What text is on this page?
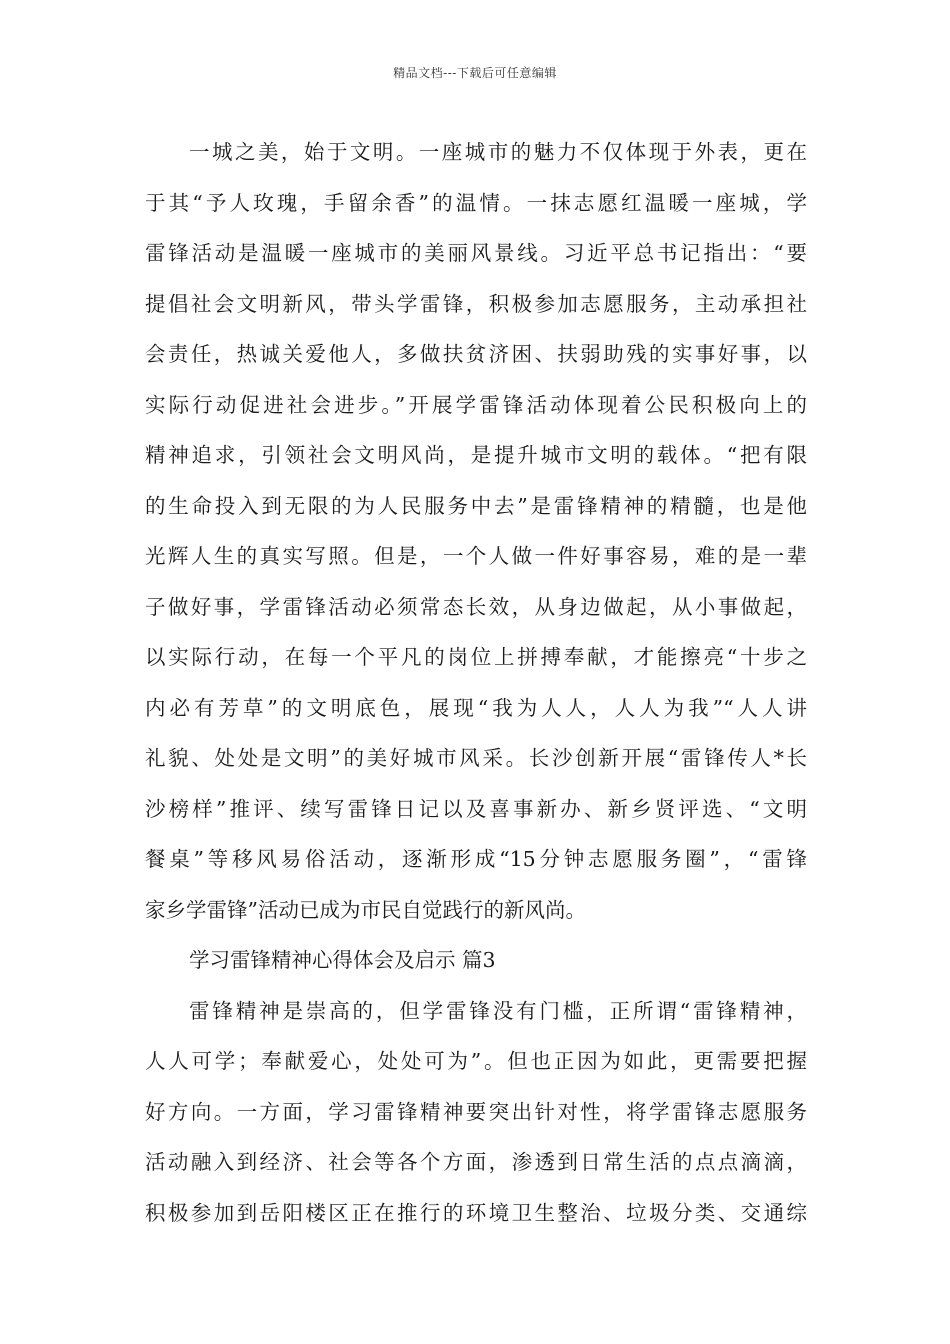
精品文档---下载后可任意编辑
一城之美，始于文明。一座城市的魅力不仅体现于外表，更在
于其“予人玫瑰，手留余香”的温情。一抹志愿红温暖一座城，学
雷锋活动是温暖一座城市的美丽风景线。习近平总书记指出：“要
提倡社会文明新风，带头学雷锋，积极参加志愿服务，主动承担社
会责任，热诚关爱他人，多做扶贫济困、扶弱助残的实事好事，以
实际行动促进社会进步。”开展学雷锋活动体现着公民积极向上的
精神追求，引领社会文明风尚，是提升城市文明的载体。“把有限
的生命投入到无限的为人民服务中去”是雷锋精神的精髓，也是他
光辉人生的真实写照。但是，一个人做一件好事容易，难的是一辈
子做好事，学雷锋活动必须常态长效，从身边做起，从小事做起，
以实际行动，在每一个平凡的岗位上拼搏奉献，才能擦亮“十步之
内必有芳草”的文明底色，展现“我为人人，人人为我”“人人讲
礼貌、处处是文明”的美好城市风采。长沙创新开展“雷锋传人*长
沙榜样”推评、续写雷锋日记以及喜事新办、新乡贤评选、“文明
餐桌”等移风易俗活动，逐渐形成“15分钟志愿服务圈”，“雷锋
家乡学雷锋”活动已成为市民自觉践行的新风尚。
学习雷锋精神心得体会及启示 篇3
雷锋精神是崇高的，但学雷锋没有门槛，正所谓“雷锋精神，
人人可学；奉献爱心，处处可为”。但也正因为如此，更需要把握
好方向。一方面，学习雷锋精神要突出针对性，将学雷锋志愿服务
活动融入到经济、社会等各个方面，渗透到日常生活的点点滴滴，
积极参加到岳阳楼区正在推行的环境卫生整治、垃圾分类、交通综
